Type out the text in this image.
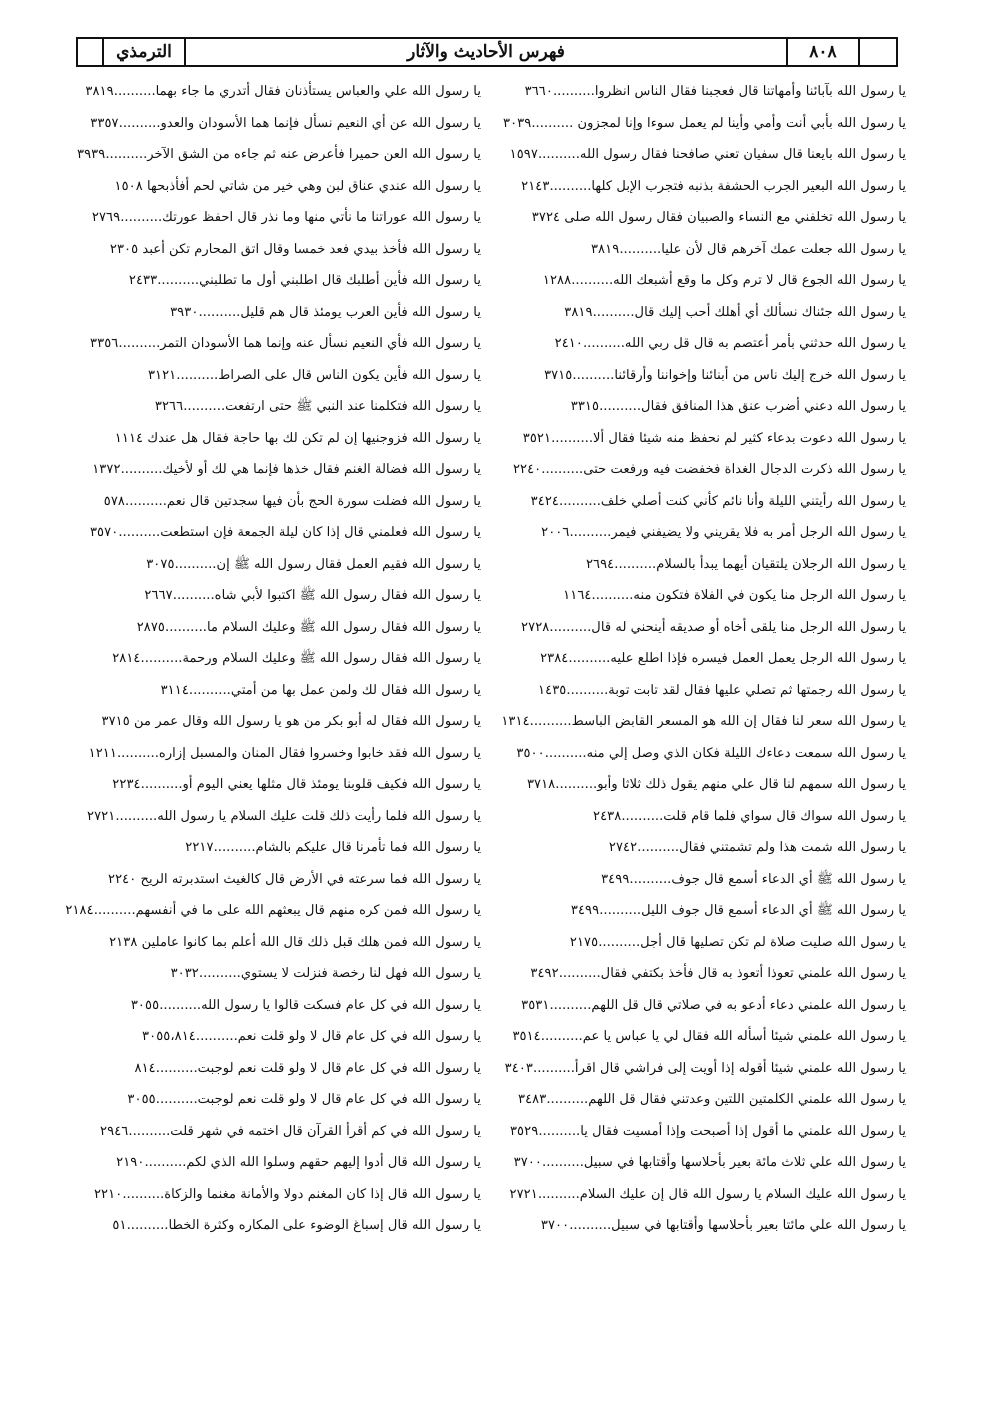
الترمذي	فهرس الأحاديث والآثار	٨٠٨
يا رسول الله بآبائنا وأمهاتنا قال فعجبنا فقال الناس انظروا..........٣٦٦٠
يا رسول الله بأبي أنت وأمي وأينا لم يعمل سوءا وإنا لمجزون ..........٣٠٣٩
يا رسول الله بايعنا قال سفيان تعني صافحنا فقال رسول الله..........١٥٩٧
يا رسول الله البعير الجرب الحشفة بذنبه فتجرب الإبل كلها..........٢١٤٣
يا رسول الله تخلفني مع النساء والصبيان فقال رسول الله صلى ٣٧٢٤
يا رسول الله جعلت عمك آخرهم قال لأن عليا..........٣٨١٩
يا رسول الله الجوع قال لا ترم وكل ما وقع أشبعك الله..........١٢٨٨
يا رسول الله جئناك نسألك أي أهلك أحب إليك قال..........٣٨١٩
يا رسول الله حدثني بأمر أعتصم به قال قل ربي الله..........٢٤١٠
يا رسول الله خرج إليك ناس من أبنائنا وإخواننا وأرقائنا..........٣٧١٥
يا رسول الله دعني أضرب عنق هذا المنافق فقال..........٣٣١٥
يا رسول الله دعوت بدعاء كثير لم نحفظ منه شيئا فقال ألا..........٣٥٢١
يا رسول الله ذكرت الدجال الغداة فخفضت فيه ورفعت حتى..........٢٢٤٠
يا رسول الله رأيتني الليلة وأنا نائم كأني كنت أصلي خلف..........٣٤٢٤
يا رسول الله الرجل أمر به فلا يقريني ولا يضيفني فيمر..........٢٠٠٦
يا رسول الله الرجلان يلتقيان أيهما يبدأ بالسلام..........٢٦٩٤
يا رسول الله الرجل منا يكون في الفلاة فتكون منه..........١١٦٤
يا رسول الله الرجل منا يلقى أخاه أو صديقه أينحني له قال..........٢٧٢٨
يا رسول الله الرجل يعمل العمل فيسره فإذا اطلع عليه..........٢٣٨٤
يا رسول الله رجمتها ثم تصلي عليها فقال لقد تابت توبة..........١٤٣٥
يا رسول الله سعر لنا فقال إن الله هو المسعر القابض الباسط..........١٣١٤
يا رسول الله سمعت دعاءك الليلة فكان الذي وصل إلي منه..........٣٥٠٠
يا رسول الله سمهم لنا قال علي منهم يقول ذلك ثلاثا وأبو..........٣٧١٨
يا رسول الله سواك قال سواي فلما قام قلت..........٢٤٣٨
يا رسول الله شمت هذا ولم تشمتني فقال..........٢٧٤٢
يا رسول الله ﷺ أي الدعاء أسمع قال جوف..........٣٤٩٩
يا رسول الله ﷺ أي الدعاء أسمع قال جوف الليل..........٣٤٩٩
يا رسول الله صليت صلاة لم تكن تصليها قال أجل..........٢١٧٥
يا رسول الله علمني تعوذا أتعوذ به قال فأخذ بكتفي فقال..........٣٤٩٢
يا رسول الله علمني دعاء أدعو به في صلاتي قال قل اللهم..........٣٥٣١
يا رسول الله علمني شيئا أسأله الله فقال لي يا عباس يا عم..........٣٥١٤
يا رسول الله علمني شيئا أقوله إذا أويت إلى فراشي قال اقرأ..........٣٤٠٣
يا رسول الله علمني الكلمتين اللتين وعدتني فقال قل اللهم..........٣٤٨٣
يا رسول الله علمني ما أقول إذا أصبحت وإذا أمسيت فقال يا..........٣٥٢٩
يا رسول الله علي ثلاث مائة بعير بأحلاسها وأقتابها في سبيل..........٣٧٠٠
يا رسول الله عليك السلام يا رسول الله قال إن عليك السلام..........٢٧٢١
يا رسول الله علي مائتا بعير بأحلاسها وأقتابها في سبيل..........٣٧٠٠
يا رسول الله علي والعباس يستأذنان فقال أتدري ما جاء بهما..........٣٨١٩
يا رسول الله عن أي النعيم نسأل فإنما هما الأسودان والعدو..........٣٣٥٧
يا رسول الله العن حميرا فأعرض عنه ثم جاءه من الشق الآخر..........٣٩٣٩
يا رسول الله عندي عناق لبن وهي خير من شاتي لحم أفأذبحها ١٥٠٨
يا رسول الله عوراتنا ما نأتي منها وما نذر قال احفظ عورتك..........٢٧٦٩
يا رسول الله فأخذ بيدي فعد خمسا وقال اتق المحارم تكن أعبد ٢٣٠٥
يا رسول الله فأين أطلبك قال اطلبني أول ما تطلبني..........٢٤٣٣
يا رسول الله فأين العرب يومئذ قال هم قليل..........٣٩٣٠
يا رسول الله فأي النعيم نسأل عنه وإنما هما الأسودان التمر..........٣٣٥٦
يا رسول الله فأين يكون الناس قال على الصراط..........٣١٢١
يا رسول الله فتكلمنا عند النبي ﷺ حتى ارتفعت..........٣٢٦٦
يا رسول الله فزوجنيها إن لم تكن لك بها حاجة فقال هل عندك ١١١٤
يا رسول الله فضالة الغنم فقال خذها فإنما هي لك أو لأخيك..........١٣٧٢
يا رسول الله فضلت سورة الحج بأن فيها سجدتين قال نعم..........٥٧٨
يا رسول الله فعلمني قال إذا كان ليلة الجمعة فإن استطعت..........٣٥٧٠
يا رسول الله فقيم العمل فقال رسول الله ﷺ إن..........٣٠٧٥
يا رسول الله فقال رسول الله ﷺ اكتبوا لأبي شاه..........٢٦٦٧
يا رسول الله فقال رسول الله ﷺ وعليك السلام ما..........٢٨٧٥
يا رسول الله فقال رسول الله ﷺ وعليك السلام ورحمة..........٢٨١٤
يا رسول الله فقال لك ولمن عمل بها من أمتي..........٣١١٤
يا رسول الله فقال له أبو بكر من هو يا رسول الله وقال عمر من ٣٧١٥
يا رسول الله فقد خابوا وخسروا فقال المنان والمسبل إزاره..........١٢١١
يا رسول الله فكيف قلوبنا يومئذ قال مثلها يعني اليوم أو..........٢٢٣٤
يا رسول الله فلما رأيت ذلك قلت عليك السلام يا رسول الله..........٢٧٢١
يا رسول الله فما تأمرنا قال عليكم بالشام..........٢٢١٧
يا رسول الله فما سرعته في الأرض قال كالغيث استدبرته الريح ٢٢٤٠
يا رسول الله فمن كره منهم قال يبعثهم الله على ما في أنفسهم..........٢١٨٤
يا رسول الله فمن هلك قبل ذلك قال الله أعلم بما كانوا عاملين ٢١٣٨
يا رسول الله فهل لنا رخصة فنزلت لا يستوي..........٣٠٣٢
يا رسول الله في كل عام فسكت قالوا يا رسول الله..........٣٠٥٥
يا رسول الله في كل عام قال لا ولو قلت نعم..........٣٠٥٥،٨١٤
يا رسول الله في كل عام قال لا ولو قلت نعم لوجبت..........٨١٤
يا رسول الله في كل عام قال لا ولو قلت نعم لوجبت..........٣٠٥٥
يا رسول الله في كم أقرأ القرآن قال اختمه في شهر قلت..........٢٩٤٦
يا رسول الله قال أدوا إليهم حقهم وسلوا الله الذي لكم..........٢١٩٠
يا رسول الله قال إذا كان المغنم دولا والأمانة مغنما والزكاة..........٢٢١٠
يا رسول الله قال إسباغ الوضوء على المكاره وكثرة الخطا..........٥١
